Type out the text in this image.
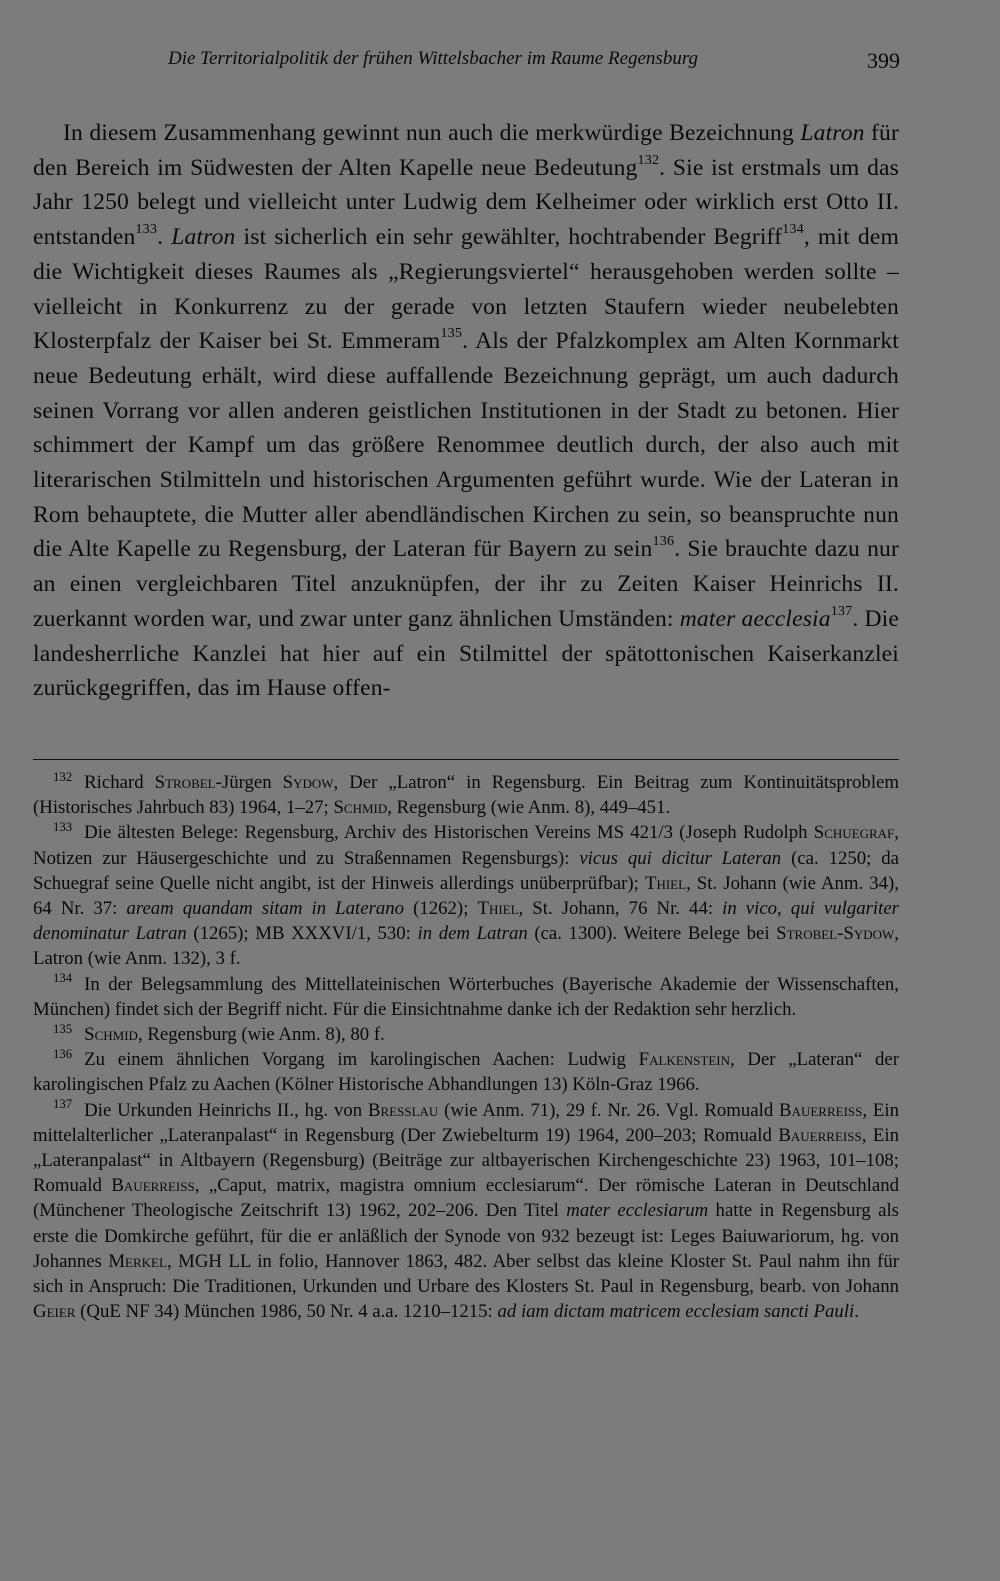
Die Territorialpolitik der frühen Wittelsbacher im Raume Regensburg	399

In diesem Zusammenhang gewinnt nun auch die merkwürdige Bezeichnung Latron für den Bereich im Südwesten der Alten Kapelle neue Bedeutung$^{132}$. Sie ist erstmals um das Jahr 1250 belegt und vielleicht unter Ludwig dem Kelheimer oder wirklich erst Otto II. entstanden$^{133}$. Latron ist sicherlich ein sehr gewählter, hochtrabender Begriff$^{134}$, mit dem die Wichtigkeit dieses Raumes als „Regierungsviertel“ herausgehoben werden sollte – vielleicht in Konkurrenz zu der gerade von letzten Staufern wieder neubelebten Klosterpfalz der Kaiser bei St. Emmeram$^{135}$. Als der Pfalzkomplex am Alten Kornmarkt neue Bedeutung erhält, wird diese auffallende Bezeichnung geprägt, um auch dadurch seinen Vorrang vor allen anderen geistlichen Institutionen in der Stadt zu betonen. Hier schimmert der Kampf um das größere Renommee deutlich durch, der also auch mit literarischen Stilmitteln und historischen Argumenten geführt wurde. Wie der Lateran in Rom behauptete, die Mutter aller abendländischen Kirchen zu sein, so beanspruchte nun die Alte Kapelle zu Regensburg, der Lateran für Bayern zu sein$^{136}$. Sie brauchte dazu nur an einen vergleichbaren Titel anzuknüpfen, der ihr zu Zeiten Kaiser Heinrichs II. zuerkannt worden war, und zwar unter ganz ähnlichen Umständen: mater aecclesia$^{137}$. Die landesherrliche Kanzlei hat hier auf ein Stilmittel der spätottonischen Kaiserkanzlei zurückgegriffen, das im Hause offen-

$^{132}$ Richard Strobel-Jürgen Sydow, Der „Latron“ in Regensburg. Ein Beitrag zum Kontinuitätsproblem (Historisches Jahrbuch 83) 1964, 1–27; Schmid, Regensburg (wie Anm. 8), 449–451.

$^{133}$ Die ältesten Belege: Regensburg, Archiv des Historischen Vereins MS 421/3 (Joseph Rudolph Schuegraf, Notizen zur Häusergeschichte und zu Straßennamen Regensburgs): vicus qui dicitur Lateran (ca. 1250; da Schuegraf seine Quelle nicht angibt, ist der Hinweis allerdings unüberprüfbar); Thiel, St. Johann (wie Anm. 34), 64 Nr. 37: aream quandam sitam in Laterano (1262); Thiel, St. Johann, 76 Nr. 44: in vico, qui vulgariter denominatur Latran (1265); MB XXXVI/1, 530: in dem Latran (ca. 1300). Weitere Belege bei Strobel-Sydow, Latron (wie Anm. 132), 3 f.

$^{134}$ In der Belegsammlung des Mittellateinischen Wörterbuches (Bayerische Akademie der Wissenschaften, München) findet sich der Begriff nicht. Für die Einsichtnahme danke ich der Redaktion sehr herzlich.

$^{135}$ Schmid, Regensburg (wie Anm. 8), 80 f.

$^{136}$ Zu einem ähnlichen Vorgang im karolingischen Aachen: Ludwig Falkenstein, Der „Lateran“ der karolingischen Pfalz zu Aachen (Kölner Historische Abhandlungen 13) Köln-Graz 1966.

$^{137}$ Die Urkunden Heinrichs II., hg. von Bresslau (wie Anm. 71), 29 f. Nr. 26. Vgl. Romuald Bauerreiss, Ein mittelalterlicher „Lateranpalast“ in Regensburg (Der Zwiebelturm 19) 1964, 200–203; Romuald Bauerreiss, Ein „Lateranpalast“ in Altbayern (Regensburg) (Beiträge zur altbayerischen Kirchengeschichte 23) 1963, 101–108; Romuald Bauerreiss, „Caput, matrix, magistra omnium ecclesiarum“. Der römische Lateran in Deutschland (Münchener Theologische Zeitschrift 13) 1962, 202–206. Den Titel mater ecclesiarum hatte in Regensburg als erste die Domkirche geführt, für die er anläßlich der Synode von 932 bezeugt ist: Leges Baiuwariorum, hg. von Johannes Merkel, MGH LL in folio, Hannover 1863, 482. Aber selbst das kleine Kloster St. Paul nahm ihn für sich in Anspruch: Die Traditionen, Urkunden und Urbare des Klosters St. Paul in Regensburg, bearb. von Johann Geier (QuE NF 34) München 1986, 50 Nr. 4 a.a. 1210–1215: ad iam dictam matricem ecclesiam sancti Pauli.
